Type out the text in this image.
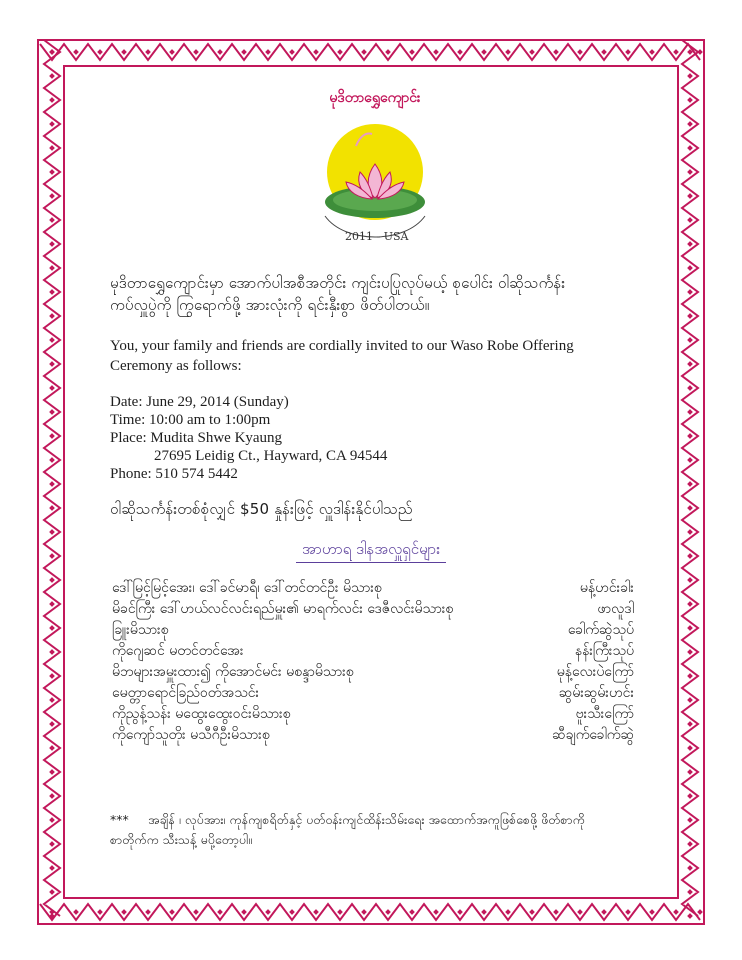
မုဒိတာရွှေကျောင်း
2011 - USA
မုဒိတာရွှေကျောင်းမှာ အောက်ပါအစီအတိုင်း ကျင်းပပြုလုပ်မယ့် စုပေါင်း ဝါဆိုသင်္ကန်း
ကပ်လှူပွဲကို ကြွရောက်ဖို့ အားလုံးကို ရင်းနှီးစွာ ဖိတ်ပါတယ်။
You, your family and friends are cordially invited to our Waso Robe Offering
Ceremony as follows:
Date: June 29, 2014 (Sunday)
Time: 10:00 am to 1:00pm
Place: Mudita Shwe Kyaung
27695 Leidig Ct., Hayward, CA 94544
Phone: 510 574 5442
ဝါဆိုသင်္ကန်းတစ်စုံလျှင် $50 နှုန်းဖြင့် လှူဒါန်းနိုင်ပါသည်
အာဟာရ ဒါနအလှူရှင်များ
ဒေါ်မြင့်မြင့်အေး၊ ဒေါ်ခင်မာရီ၊ ဒေါ်တင်တင်ဦး မိသားစု	မန့်ဟင်းခါး
မိခင်ကြီး ဒေါ်ဟယ်လင်လင်းရည်မှူး၏ မာရက်လင်း ဒေဇီလင်းမိသားစု	ဖာလူဒါ
ခြူးမိသားစု	ခေါက်ဆွဲသုပ်
ကိုဂျေဆင် မတင်တင်အေး	နန်းကြီးသုပ်
မိဘများအမှူးထား၍ ကိုအောင်မင်း မစန္ဒာမိသားစု	မုန့်လေးပဲကြော်
မေတ္တာရောင်ခြည်ဝတ်အသင်း	ဆွမ်းဆွမ်းဟင်း
ကိုညွန့်သန်း မထွေးထွေးဝင်းမိသားစု	ဗူးသီးကြော်
ကိုကျော်သူတိုး မသီဂီဦးမိသားစု	ဆီချက်ခေါက်ဆွဲ
*** အချိန် ၊ လုပ်အား၊ ကုန်ကျစရိတ်နှင့် ပတ်ဝန်းကျင်ထိန်းသိမ်းရေး အထောက်အကူဖြစ်စေဖို့ ဖိတ်စာကို
စာတိုက်က သီးသန့် မပို့တော့ပါ။
